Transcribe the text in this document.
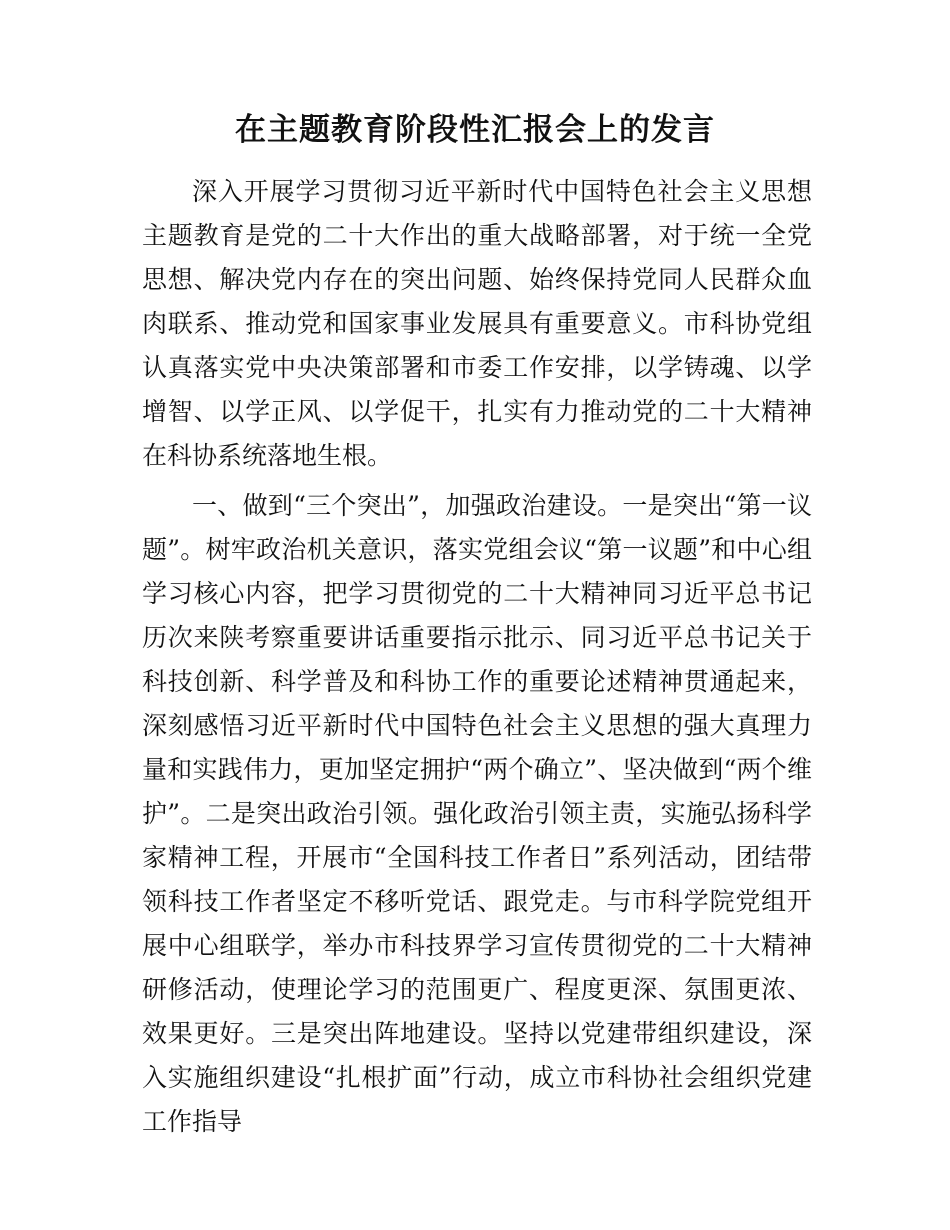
在主题教育阶段性汇报会上的发言

深入开展学习贯彻习近平新时代中国特色社会主义思想主题教育是党的二十大作出的重大战略部署，对于统一全党思想、解决党内存在的突出问题、始终保持党同人民群众血肉联系、推动党和国家事业发展具有重要意义。市科协党组认真落实党中央决策部署和市委工作安排，以学铸魂、以学增智、以学正风、以学促干，扎实有力推动党的二十大精神在科协系统落地生根。

一、做到“三个突出”，加强政治建设。一是突出“第一议题”。树牢政治机关意识，落实党组会议“第一议题”和中心组学习核心内容，把学习贯彻党的二十大精神同习近平总书记历次来陕考察重要讲话重要指示批示、同习近平总书记关于科技创新、科学普及和科协工作的重要论述精神贯通起来，深刻感悟习近平新时代中国特色社会主义思想的强大真理力量和实践伟力，更加坚定拥护“两个确立”、坚决做到“两个维护”。二是突出政治引领。强化政治引领主责，实施弘扬科学家精神工程，开展市“全国科技工作者日”系列活动，团结带领科技工作者坚定不移听党话、跟党走。与市科学院党组开展中心组联学，举办市科技界学习宣传贯彻党的二十大精神研修活动，使理论学习的范围更广、程度更深、氛围更浓、效果更好。三是突出阵地建设。坚持以党建带组织建设，深入实施组织建设“扎根扩面”行动，成立市科协社会组织党建工作指导
